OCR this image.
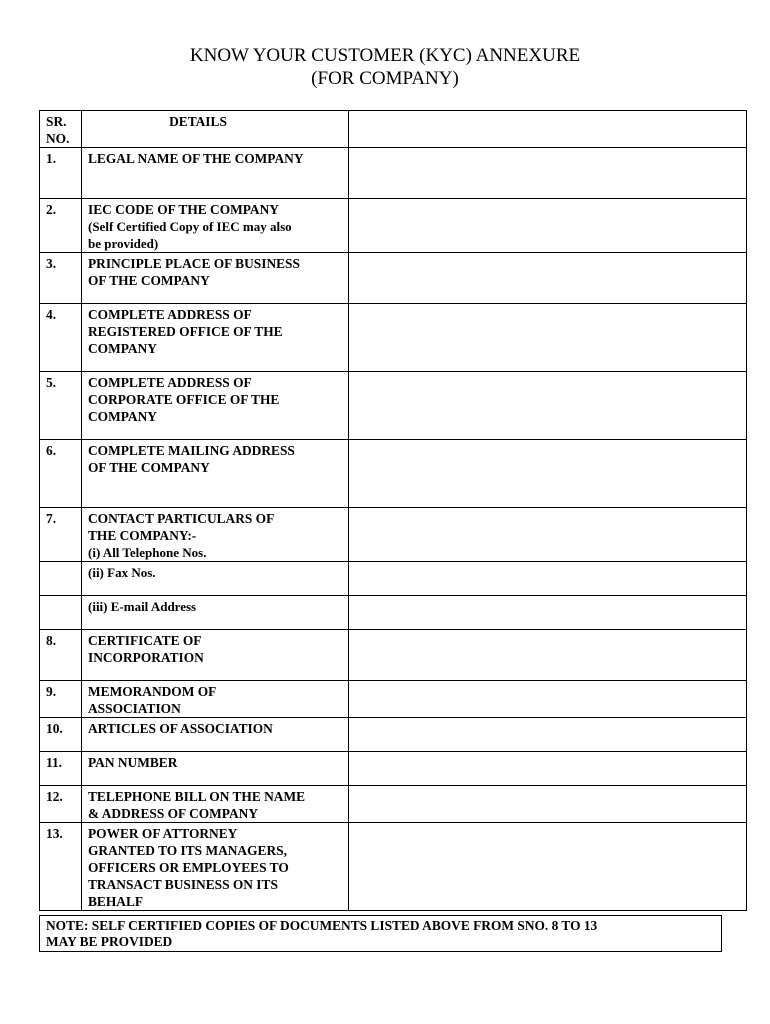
KNOW YOUR CUSTOMER (KYC) ANNEXURE
(FOR COMPANY)
SR.
NO.	DETAILS	
1.	LEGAL NAME OF THE COMPANY	

2.	IEC CODE OF THE COMPANY
(Self Certified Copy of IEC may also
be provided)	

3.	PRINCIPLE PLACE OF BUSINESS
OF THE COMPANY	

4.	COMPLETE ADDRESS OF
REGISTERED OFFICE OF THE
COMPANY	

5.	COMPLETE ADDRESS OF
CORPORATE OFFICE OF THE
COMPANY	

6.	COMPLETE MAILING ADDRESS
OF THE COMPANY	

7.	CONTACT PARTICULARS OF
THE COMPANY:-
(i) All Telephone Nos.	

	(ii) Fax Nos.	

	(iii) E-mail Address	

8.	CERTIFICATE OF
INCORPORATION	

9.	MEMORANDOM OF
ASSOCIATION	

10.	ARTICLES OF ASSOCIATION	

11.	PAN NUMBER	

12.	TELEPHONE BILL ON THE NAME
& ADDRESS OF COMPANY	

13.	POWER OF ATTORNEY
GRANTED TO ITS MANAGERS,
OFFICERS OR EMPLOYEES TO
TRANSACT BUSINESS ON ITS
BEHALF	

NOTE: SELF CERTIFIED COPIES OF DOCUMENTS LISTED ABOVE FROM SNO. 8 TO 13
MAY BE PROVIDED
